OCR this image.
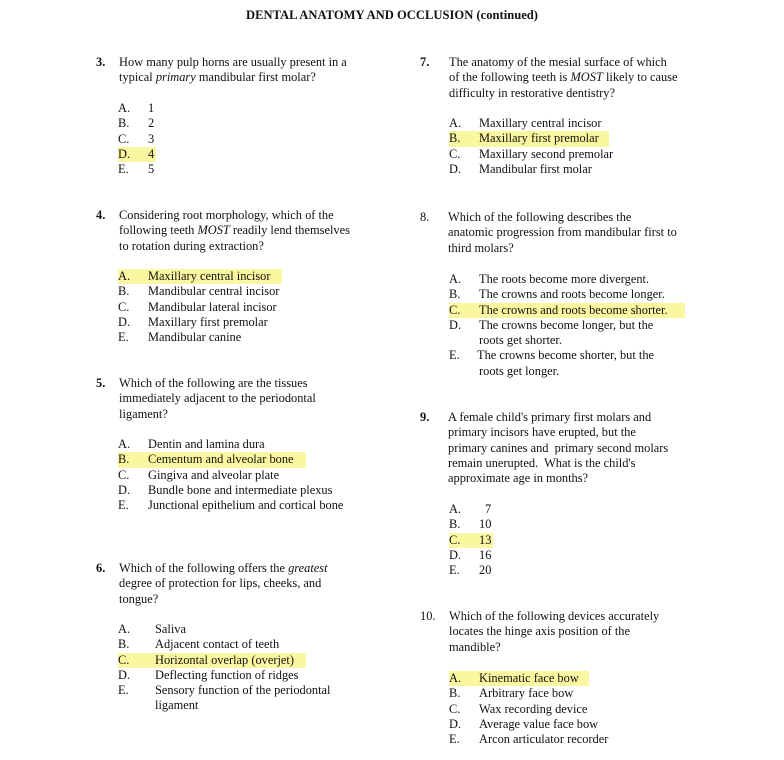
DENTAL ANATOMY AND OCCLUSION (continued)
3. How many pulp horns are usually present in a
typical primary mandibular first molar?
A. 1
B. 2
C. 3
D. 4
E. 5
4. Considering root morphology, which of the
following teeth MOST readily lend themselves
to rotation during extraction?
A. Maxillary central incisor
B. Mandibular central incisor
C. Mandibular lateral incisor
D. Maxillary first premolar
E. Mandibular canine
5. Which of the following are the tissues
immediately adjacent to the periodontal
ligament?
A. Dentin and lamina dura
B. Cementum and alveolar bone
C. Gingiva and alveolar plate
D. Bundle bone and intermediate plexus
E. Junctional epithelium and cortical bone
6. Which of the following offers the greatest
degree of protection for lips, cheeks, and
tongue?
A. Saliva
B. Adjacent contact of teeth
C. Horizontal overlap (overjet)
D. Deflecting function of ridges
E. Sensory function of the periodontal
ligament
7. The anatomy of the mesial surface of which
of the following teeth is MOST likely to cause
difficulty in restorative dentistry?
A. Maxillary central incisor
B. Maxillary first premolar
C. Maxillary second premolar
D. Mandibular first molar
8. Which of the following describes the
anatomic progression from mandibular first to
third molars?
A. The roots become more divergent.
B. The crowns and roots become longer.
C. The crowns and roots become shorter.
D. The crowns become longer, but the
roots get shorter.
E. The crowns become shorter, but the
roots get longer.
9. A female child's primary first molars and
primary incisors have erupted, but the
primary canines and  primary second molars
remain unerupted.  What is the child's
approximate age in months?
A. 7
B. 10
C. 13
D. 16
E. 20
10. Which of the following devices accurately
locates the hinge axis position of the
mandible?
A. Kinematic face bow
B. Arbitrary face bow
C. Wax recording device
D. Average value face bow
E. Arcon articulator recorder
